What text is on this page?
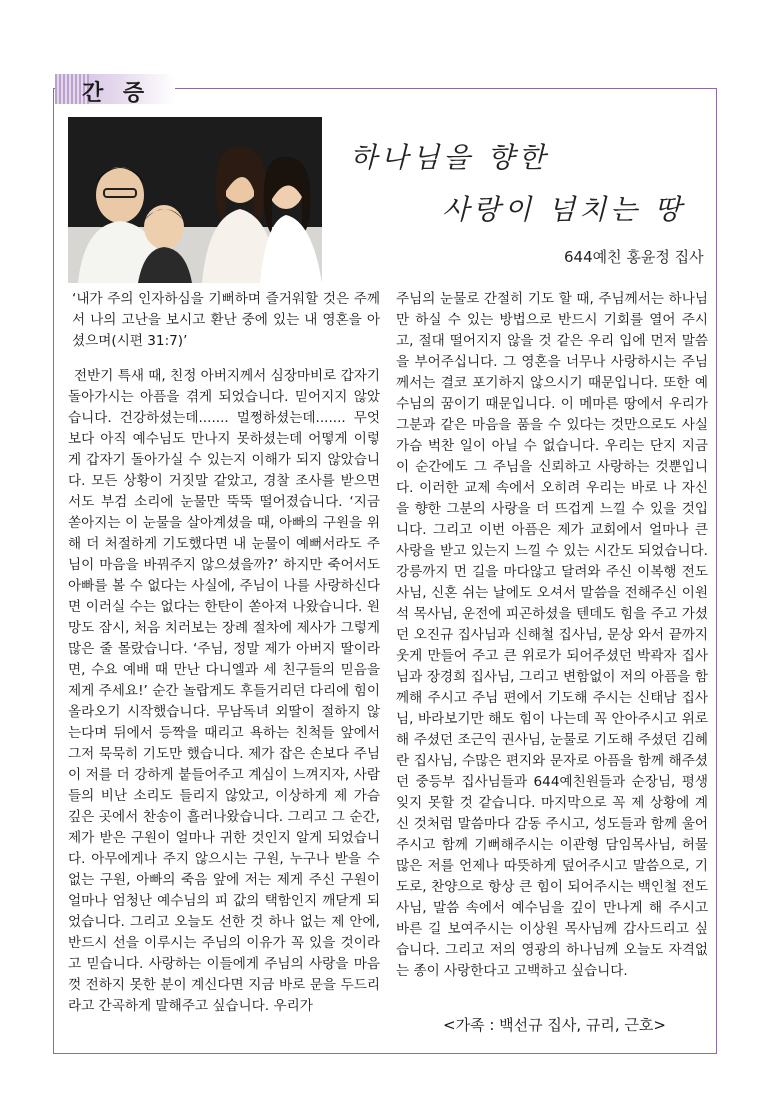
간 증
하나님을 향한
사랑이 넘치는 땅
644예친 홍윤정 집사

‘내가 주의 인자하심을 기뻐하며 즐거워할 것은 주께서 나의 고난을 보시고 환난 중에 있는 내 영혼을 아셨으며(시편 31:7)’

전반기 특새 때, 친정 아버지께서 심장마비로 갑자기 돌아가시는 아픔을 겪게 되었습니다. 믿어지지 않았습니다. 건강하셨는데....... 멀쩡하셨는데....... 무엇보다 아직 예수님도 만나지 못하셨는데 어떻게 이렇게 갑자기 돌아가실 수 있는지 이해가 되지 않았습니다. 모든 상황이 거짓말 같았고, 경찰 조사를 받으면서도 부검 소리에 눈물만 뚝뚝 떨어졌습니다. ‘지금 쏟아지는 이 눈물을 살아계셨을 때, 아빠의 구원을 위해 더 처절하게 기도했다면 내 눈물이 예뻐서라도 주님이 마음을 바꿔주지 않으셨을까?’ 하지만 죽어서도 아빠를 볼 수 없다는 사실에, 주님이 나를 사랑하신다면 이러실 수는 없다는 한탄이 쏟아져 나왔습니다. 원망도 잠시, 처음 치러보는 장례 절차에 제사가 그렇게 많은 줄 몰랐습니다. ‘주님, 정말 제가 아버지 딸이라면, 수요 예배 때 만난 다니엘과 세 친구들의 믿음을 제게 주세요!’ 순간 놀랍게도 후들거리던 다리에 힘이 올라오기 시작했습니다. 무남독녀 외딸이 절하지 않는다며 뒤에서 등짝을 때리고 욕하는 친척들 앞에서 그저 묵묵히 기도만 했습니다. 제가 잡은 손보다 주님이 저를 더 강하게 붙들어주고 계심이 느껴지자, 사람들의 비난 소리도 들리지 않았고, 이상하게 제 가슴 깊은 곳에서 찬송이 흘러나왔습니다. 그리고 그 순간, 제가 받은 구원이 얼마나 귀한 것인지 알게 되었습니다. 아무에게나 주지 않으시는 구원, 누구나 받을 수 없는 구원, 아빠의 죽음 앞에 저는 제게 주신 구원이 얼마나 엄청난 예수님의 피 값의 택함인지 깨닫게 되었습니다. 그리고 오늘도 선한 것 하나 없는 제 안에, 반드시 선을 이루시는 주님의 이유가 꼭 있을 것이라고 믿습니다. 사랑하는 이들에게 주님의 사랑을 마음껏 전하지 못한 분이 계신다면 지금 바로 문을 두드리라고 간곡하게 말해주고 싶습니다. 우리가

주님의 눈물로 간절히 기도 할 때, 주님께서는 하나님만 하실 수 있는 방법으로 반드시 기회를 열어 주시고, 절대 떨어지지 않을 것 같은 우리 입에 먼저 말씀을 부어주십니다. 그 영혼을 너무나 사랑하시는 주님께서는 결코 포기하지 않으시기 때문입니다. 또한 예수님의 꿈이기 때문입니다. 이 메마른 땅에서 우리가 그분과 같은 마음을 품을 수 있다는 것만으로도 사실 가슴 벅찬 일이 아닐 수 없습니다. 우리는 단지 지금 이 순간에도 그 주님을 신뢰하고 사랑하는 것뿐입니다. 이러한 교제 속에서 오히려 우리는 바로 나 자신을 향한 그분의 사랑을 더 뜨겁게 느낄 수 있을 것입니다. 그리고 이번 아픔은 제가 교회에서 얼마나 큰 사랑을 받고 있는지 느낄 수 있는 시간도 되었습니다. 강릉까지 먼 길을 마다않고 달려와 주신 이복행 전도사님, 신혼 쉬는 날에도 오셔서 말씀을 전해주신 이원석 목사님, 운전에 피곤하셨을 텐데도 힘을 주고 가셨던 오진규 집사님과 신해철 집사님, 문상 와서 끝까지 웃게 만들어 주고 큰 위로가 되어주셨던 박곽자 집사님과 장경희 집사님, 그리고 변함없이 저의 아픔을 함께해 주시고 주님 편에서 기도해 주시는 신태남 집사님, 바라보기만 해도 힘이 나는데 꼭 안아주시고 위로해 주셨던 조근익 권사님, 눈물로 기도해 주셨던 김혜란 집사님, 수많은 편지와 문자로 아픔을 함께 해주셨던 중등부 집사님들과 644예친원들과 순장님, 평생 잊지 못할 것 같습니다. 마지막으로 꼭 제 상황에 계신 것처럼 말씀마다 감동 주시고, 성도들과 함께 울어주시고 함께 기뻐해주시는 이관형 담임목사님, 허물 많은 저를 언제나 따뜻하게 덮어주시고 말씀으로, 기도로, 찬양으로 항상 큰 힘이 되어주시는 백인철 전도사님, 말씀 속에서 예수님을 깊이 만나게 해 주시고 바른 길 보여주시는 이상원 목사님께 감사드리고 싶습니다. 그리고 저의 영광의 하나님께 오늘도 자격없는 종이 사랑한다고 고백하고 싶습니다.

<가족 : 백선규 집사, 규리, 근호>
